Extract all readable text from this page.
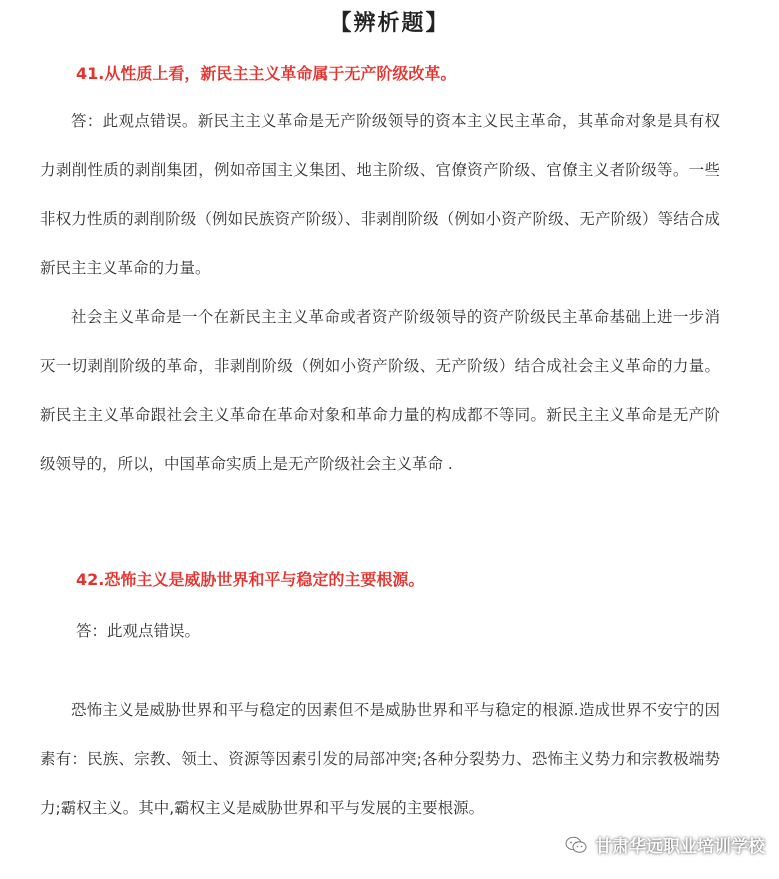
【辨析题】
41.从性质上看，新民主主义革命属于无产阶级改革。
答：此观点错误。新民主主义革命是无产阶级领导的资本主义民主革命，其革命对象是具有权力剥削性质的剥削集团，例如帝国主义集团、地主阶级、官僚资产阶级、官僚主义者阶级等。一些非权力性质的剥削阶级（例如民族资产阶级）、非剥削阶级（例如小资产阶级、无产阶级）等结合成新民主主义革命的力量。
社会主义革命是一个在新民主主义革命或者资产阶级领导的资产阶级民主革命基础上进一步消灭一切剥削阶级的革命，非剥削阶级（例如小资产阶级、无产阶级）结合成社会主义革命的力量。新民主主义革命跟社会主义革命在革命对象和革命力量的构成都不等同。新民主主义革命是无产阶级领导的，所以，中国革命实质上是无产阶级社会主义革命 .
42.恐怖主义是威胁世界和平与稳定的主要根源。
答：此观点错误。
恐怖主义是威胁世界和平与稳定的因素但不是威胁世界和平与稳定的根源.造成世界不安宁的因素有：民族、宗教、领土、资源等因素引发的局部冲突;各种分裂势力、恐怖主义势力和宗教极端势力;霸权主义。其中,霸权主义是威胁世界和平与发展的主要根源。
甘肃华远职业培训学校
